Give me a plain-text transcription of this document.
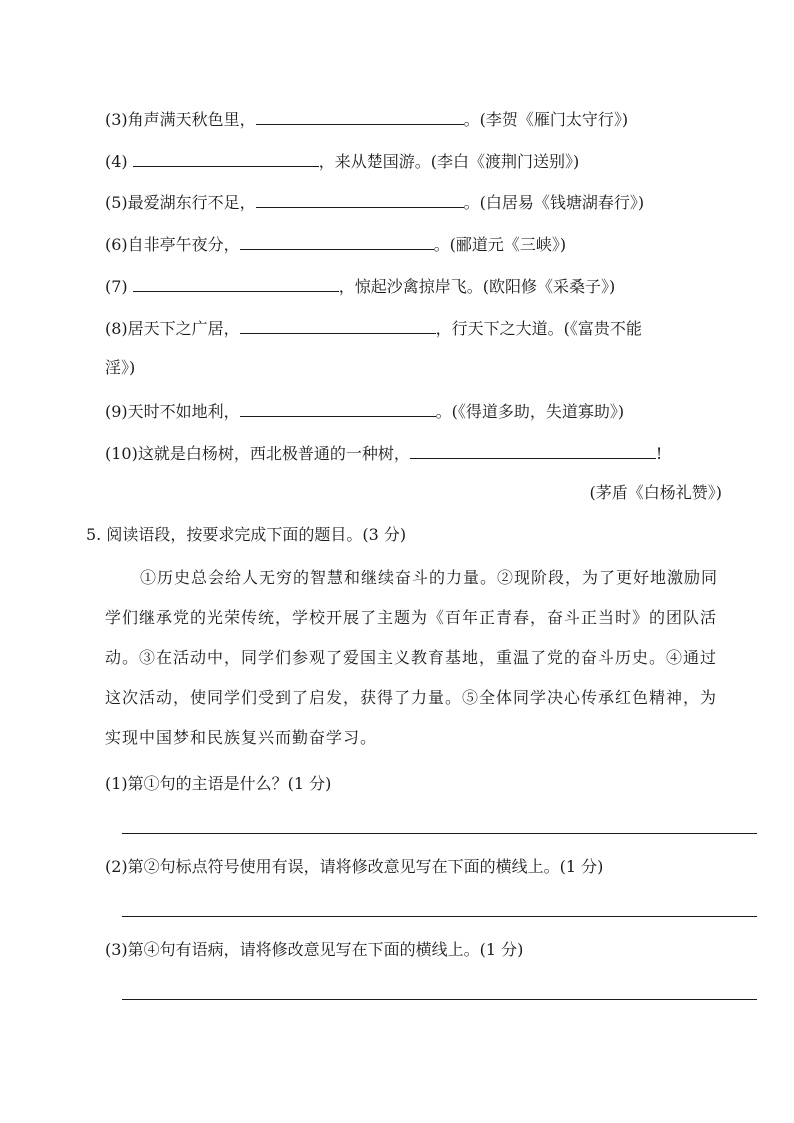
(3)角声满天秋色里，	。(李贺《雁门太守行》)
(4)	，来从楚国游。(李白《渡荆门送别》)
(5)最爱湖东行不足，	。(白居易《钱塘湖春行》)
(6)自非亭午夜分，	。(郦道元《三峡》)
(7)	，惊起沙禽掠岸飞。(欧阳修《采桑子》)
(8)居天下之广居，	，行天下之大道。(《富贵不能
淫》)
(9)天时不如地利，	。(《得道多助，失道寡助》)
(10)这就是白杨树，西北极普通的一种树，	!
(茅盾《白杨礼赞》)
5. 阅读语段，按要求完成下面的题目。(3 分)
①历史总会给人无穷的智慧和继续奋斗的力量。②现阶段，为了更好地激励同学们继承党的光荣传统，学校开展了主题为《百年正青春，奋斗正当时》的团队活动。③在活动中，同学们参观了爱国主义教育基地，重温了党的奋斗历史。④通过这次活动，使同学们受到了启发，获得了力量。⑤全体同学决心传承红色精神，为实现中国梦和民族复兴而勤奋学习。
(1)第①句的主语是什么？(1 分)
(2)第②句标点符号使用有误，请将修改意见写在下面的横线上。(1 分)
(3)第④句有语病，请将修改意见写在下面的横线上。(1 分)
